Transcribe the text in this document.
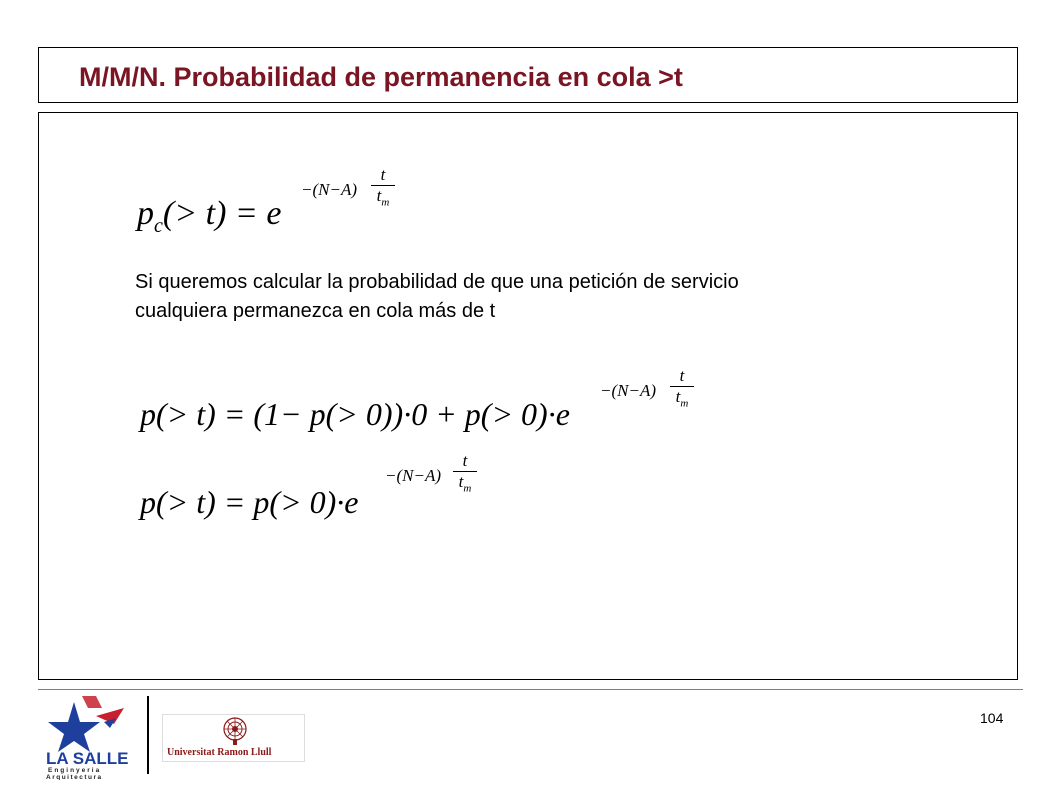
M/M/N. Probabilidad de permanencia en cola >t
$p_c(> t) = e$
−(N−A)
t
$t_m$
Si queremos calcular la probabilidad de que una petición de servicio
cualquiera permanezca en cola más de t
p(> t) = (1− p(> 0))·0 + p(> 0)·e
−(N−A)
t
$t_m$
p(> t) = p(> 0)·e
−(N−A)
t
$t_m$
LA SALLE
Enginyeria
Arquitectura
Universitat Ramon Llull
104
